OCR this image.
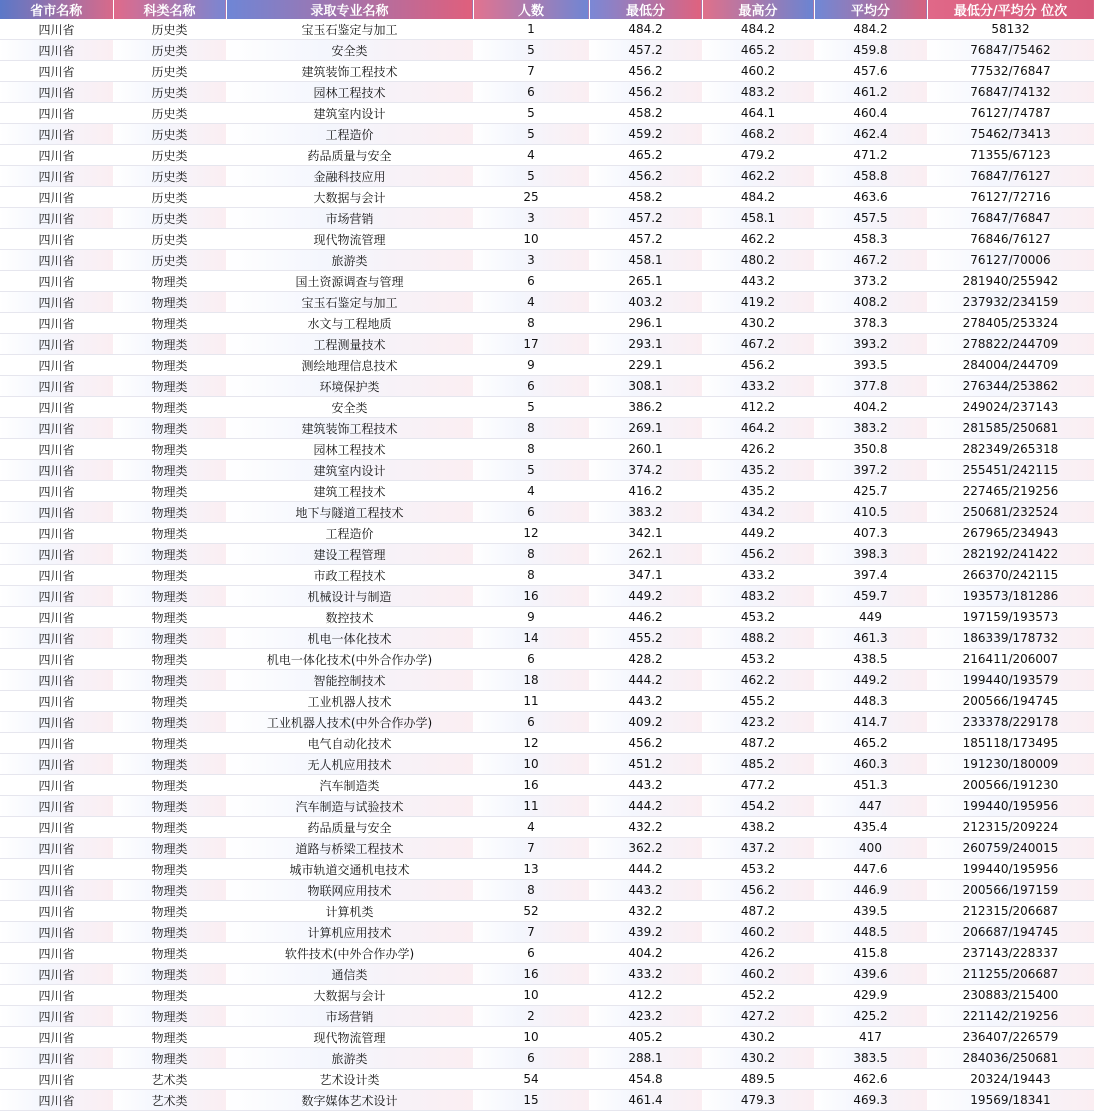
省市名称	科类名称	录取专业名称	人数	最低分	最高分	平均分	最低分/平均分 位次
四川省	历史类	宝玉石鉴定与加工	1	484.2	484.2	484.2	58132
四川省	历史类	安全类	5	457.2	465.2	459.8	76847/75462
四川省	历史类	建筑装饰工程技术	7	456.2	460.2	457.6	77532/76847
四川省	历史类	园林工程技术	6	456.2	483.2	461.2	76847/74132
四川省	历史类	建筑室内设计	5	458.2	464.1	460.4	76127/74787
四川省	历史类	工程造价	5	459.2	468.2	462.4	75462/73413
四川省	历史类	药品质量与安全	4	465.2	479.2	471.2	71355/67123
四川省	历史类	金融科技应用	5	456.2	462.2	458.8	76847/76127
四川省	历史类	大数据与会计	25	458.2	484.2	463.6	76127/72716
四川省	历史类	市场营销	3	457.2	458.1	457.5	76847/76847
四川省	历史类	现代物流管理	10	457.2	462.2	458.3	76846/76127
四川省	历史类	旅游类	3	458.1	480.2	467.2	76127/70006
四川省	物理类	国土资源调查与管理	6	265.1	443.2	373.2	281940/255942
四川省	物理类	宝玉石鉴定与加工	4	403.2	419.2	408.2	237932/234159
四川省	物理类	水文与工程地质	8	296.1	430.2	378.3	278405/253324
四川省	物理类	工程测量技术	17	293.1	467.2	393.2	278822/244709
四川省	物理类	测绘地理信息技术	9	229.1	456.2	393.5	284004/244709
四川省	物理类	环境保护类	6	308.1	433.2	377.8	276344/253862
四川省	物理类	安全类	5	386.2	412.2	404.2	249024/237143
四川省	物理类	建筑装饰工程技术	8	269.1	464.2	383.2	281585/250681
四川省	物理类	园林工程技术	8	260.1	426.2	350.8	282349/265318
四川省	物理类	建筑室内设计	5	374.2	435.2	397.2	255451/242115
四川省	物理类	建筑工程技术	4	416.2	435.2	425.7	227465/219256
四川省	物理类	地下与隧道工程技术	6	383.2	434.2	410.5	250681/232524
四川省	物理类	工程造价	12	342.1	449.2	407.3	267965/234943
四川省	物理类	建设工程管理	8	262.1	456.2	398.3	282192/241422
四川省	物理类	市政工程技术	8	347.1	433.2	397.4	266370/242115
四川省	物理类	机械设计与制造	16	449.2	483.2	459.7	193573/181286
四川省	物理类	数控技术	9	446.2	453.2	449	197159/193573
四川省	物理类	机电一体化技术	14	455.2	488.2	461.3	186339/178732
四川省	物理类	机电一体化技术(中外合作办学)	6	428.2	453.2	438.5	216411/206007
四川省	物理类	智能控制技术	18	444.2	462.2	449.2	199440/193579
四川省	物理类	工业机器人技术	11	443.2	455.2	448.3	200566/194745
四川省	物理类	工业机器人技术(中外合作办学)	6	409.2	423.2	414.7	233378/229178
四川省	物理类	电气自动化技术	12	456.2	487.2	465.2	185118/173495
四川省	物理类	无人机应用技术	10	451.2	485.2	460.3	191230/180009
四川省	物理类	汽车制造类	16	443.2	477.2	451.3	200566/191230
四川省	物理类	汽车制造与试验技术	11	444.2	454.2	447	199440/195956
四川省	物理类	药品质量与安全	4	432.2	438.2	435.4	212315/209224
四川省	物理类	道路与桥梁工程技术	7	362.2	437.2	400	260759/240015
四川省	物理类	城市轨道交通机电技术	13	444.2	453.2	447.6	199440/195956
四川省	物理类	物联网应用技术	8	443.2	456.2	446.9	200566/197159
四川省	物理类	计算机类	52	432.2	487.2	439.5	212315/206687
四川省	物理类	计算机应用技术	7	439.2	460.2	448.5	206687/194745
四川省	物理类	软件技术(中外合作办学)	6	404.2	426.2	415.8	237143/228337
四川省	物理类	通信类	16	433.2	460.2	439.6	211255/206687
四川省	物理类	大数据与会计	10	412.2	452.2	429.9	230883/215400
四川省	物理类	市场营销	2	423.2	427.2	425.2	221142/219256
四川省	物理类	现代物流管理	10	405.2	430.2	417	236407/226579
四川省	物理类	旅游类	6	288.1	430.2	383.5	284036/250681
四川省	艺术类	艺术设计类	54	454.8	489.5	462.6	20324/19443
四川省	艺术类	数字媒体艺术设计	15	461.4	479.3	469.3	19569/18341
